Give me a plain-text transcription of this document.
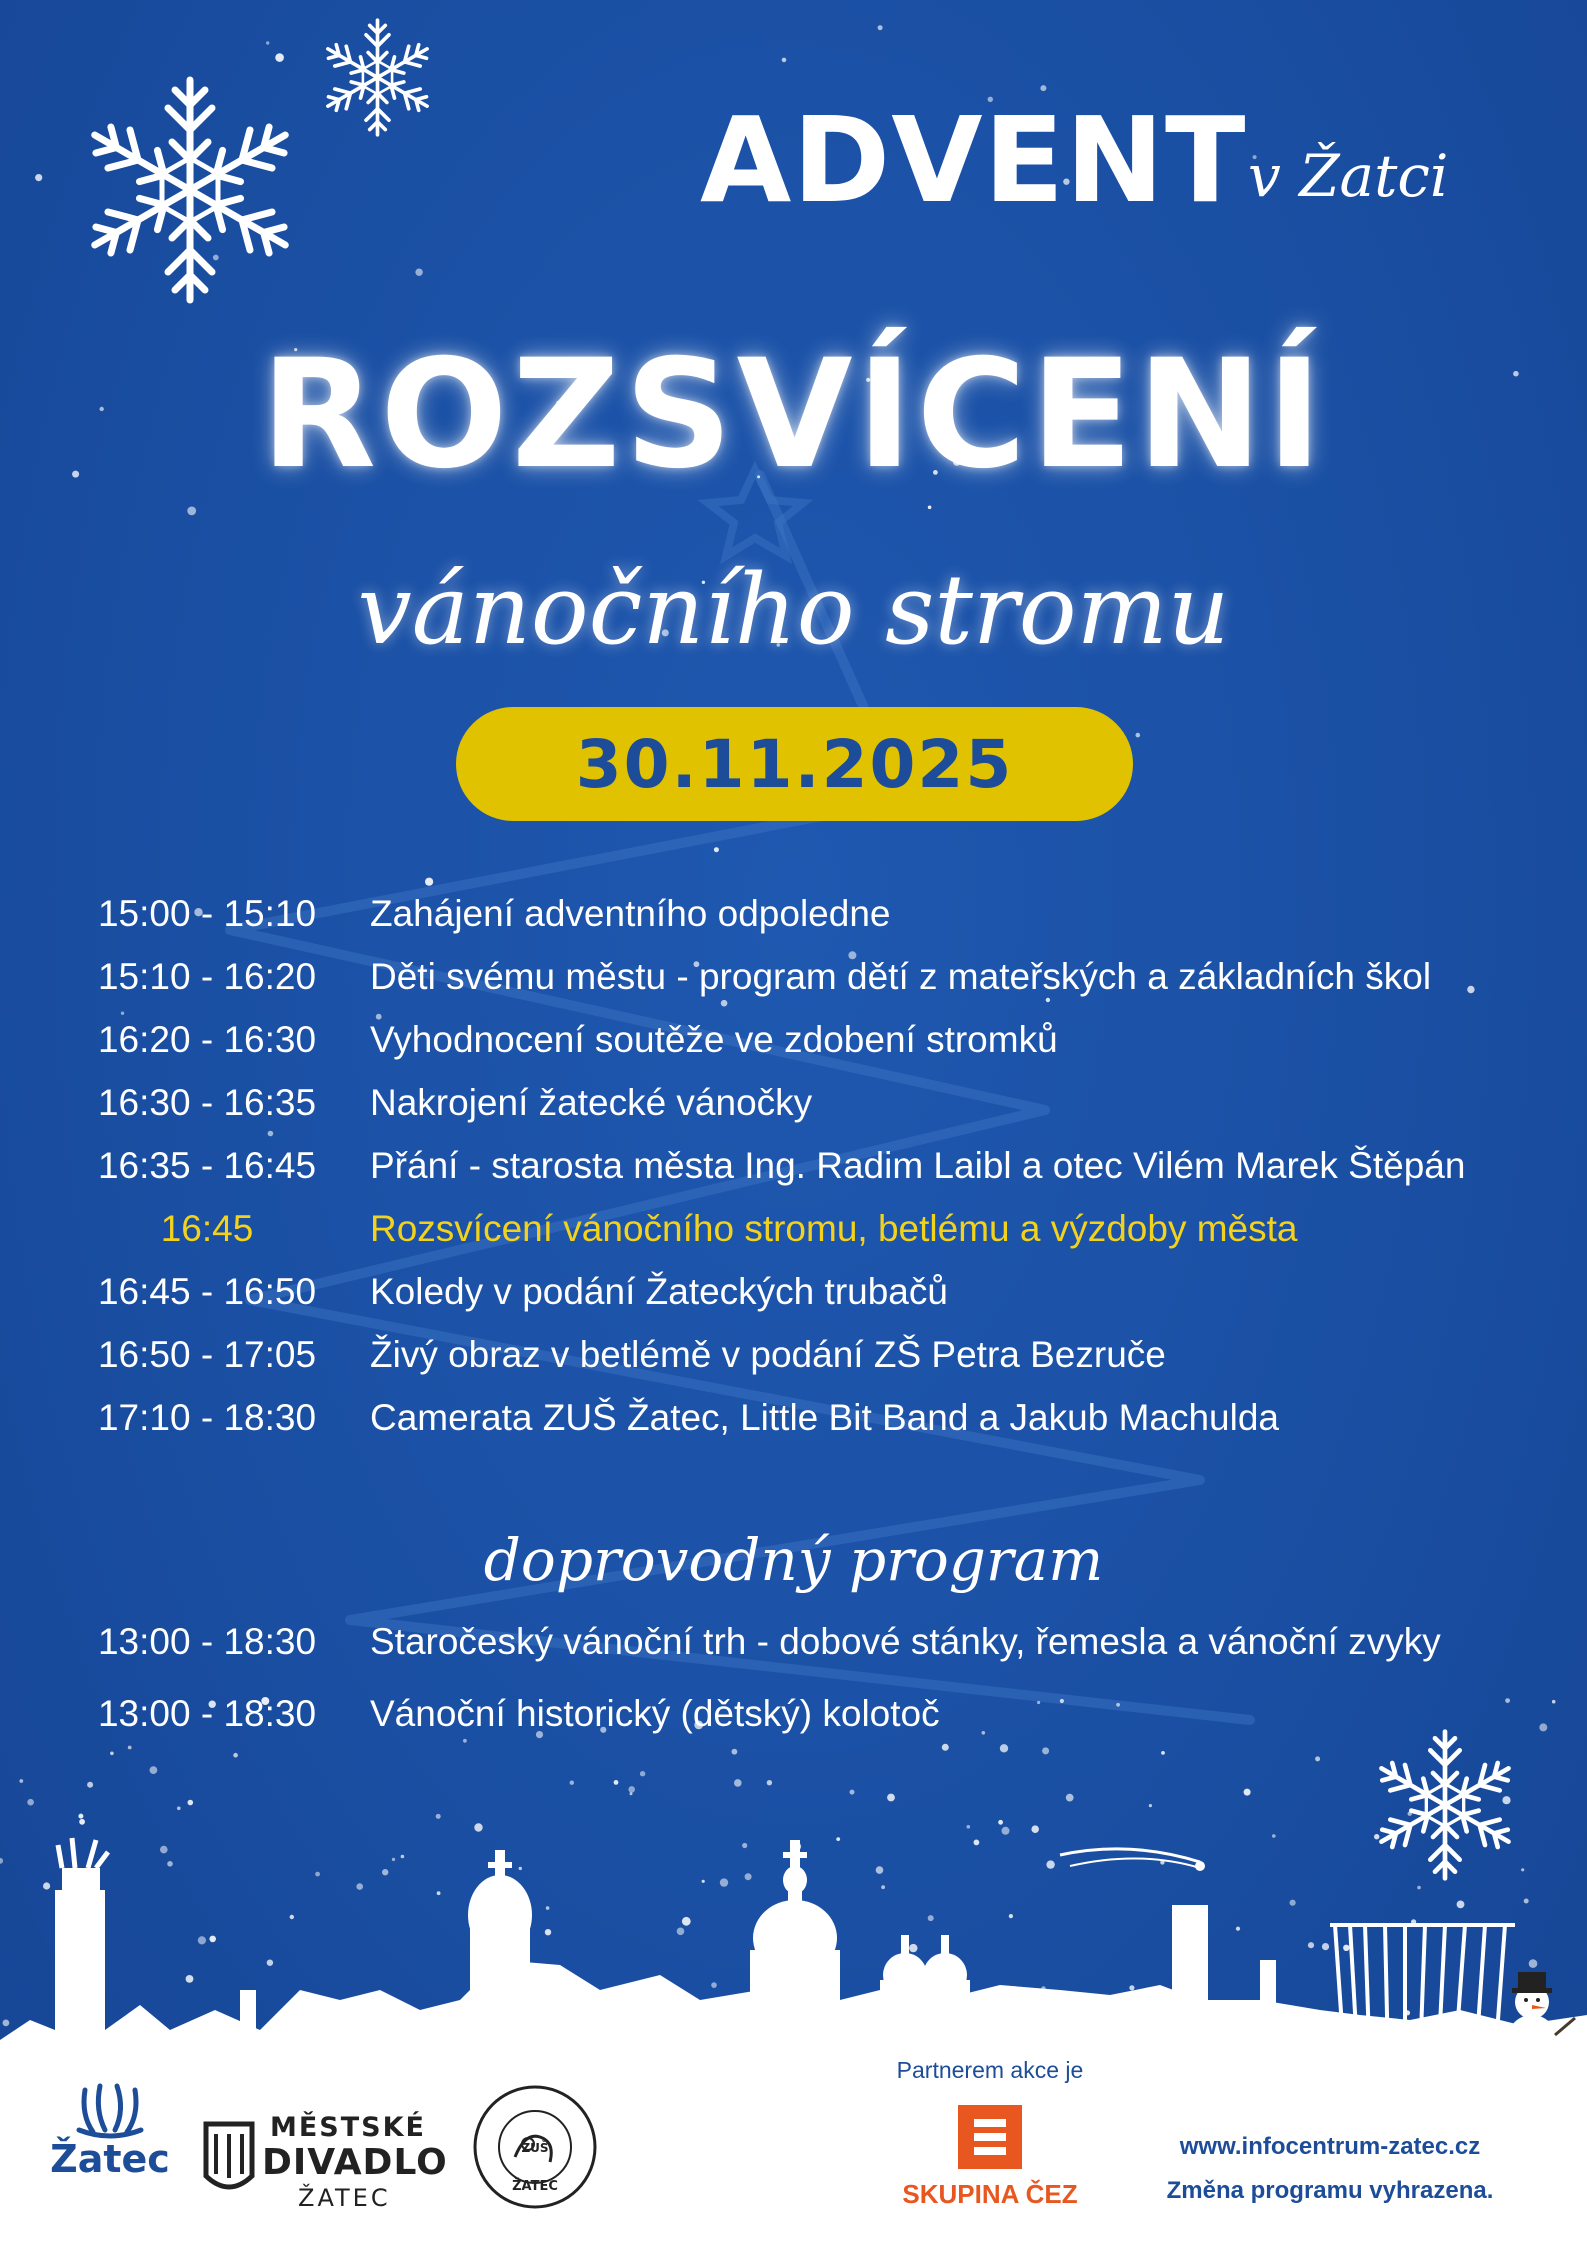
ADVENT v Žatci
ROZSVÍCENÍ
vánočního stromu
30.11.2025
15:00 - 15:10	Zahájení adventního odpoledne
15:10 - 16:20	Děti svému městu - program dětí z mateřských a základních škol
16:20 - 16:30	Vyhodnocení soutěže ve zdobení stromků
16:30 - 16:35	Nakrojení žatecké vánočky
16:35 - 16:45	Přání - starosta města Ing. Radim Laibl a otec Vilém Marek Štěpán
16:45	Rozsvícení vánočního stromu, betlému a výzdoby města
16:45 - 16:50	Koledy v podání Žateckých trubačů
16:50 - 17:05	Živý obraz v betlémě v podání ZŠ Petra Bezruče
17:10 - 18:30	Camerata ZUŠ Žatec, Little Bit Band a Jakub Machulda
doprovodný program
13:00 - 18:30	Staročeský vánoční trh - dobové stánky, řemesla a vánoční zvyky
13:00 - 18:30	Vánoční historický (dětský) kolotoč
Žatec
MĚSTSKÉ
DIVADLO
ŽATEC	ŽATEC
ZUŠ
Partnerem akce je
SKUPINA ČEZ
www.infocentrum-zatec.cz
Změna programu vyhrazena.
